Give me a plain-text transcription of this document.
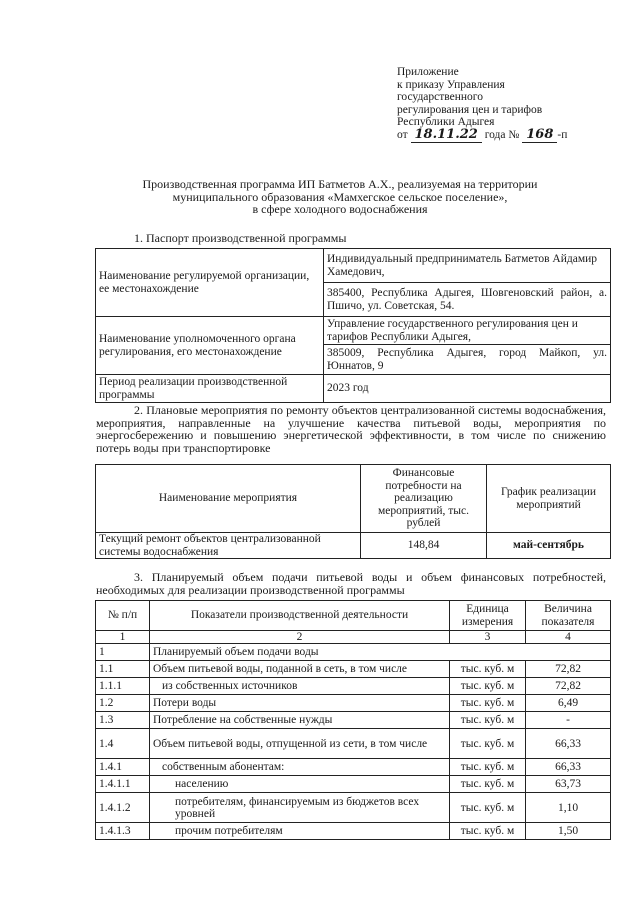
Приложение
к приказу Управления
государственного
регулирования цен и тарифов
Республики Адыгея
от 18.11.22 года № 168 -п
Производственная программа ИП Батметов А.Х., реализуемая на территории
муниципального образования «Мамхегское сельское поселение»,
в сфере холодного водоснабжения
1. Паспорт производственной программы
Наименование регулируемой организации, ее местонахождение	Индивидуальный предприниматель Батметов Айдамир Хамедович,
	385400, Республика Адыгея, Шовгеновский район, а. Пшичо, ул. Советская, 54.
Наименование уполномоченного органа регулирования, его местонахождение	Управление государственного регулирования цен и тарифов Республики Адыгея,
	385009, Республика Адыгея, город Майкоп, ул. Юннатов, 9
Период реализации производственной программы	2023 год
2. Плановые мероприятия по ремонту объектов централизованной системы водоснабжения, мероприятия, направленные на улучшение качества питьевой воды, мероприятия по энергосбережению и повышению энергетической эффективности, в том числе по снижению потерь воды при транспортировке
Наименование мероприятия	Финансовые потребности на реализацию мероприятий, тыс. рублей	График реализации мероприятий
Текущий ремонт объектов централизованной системы водоснабжения	148,84	май-сентябрь
3. Планируемый объем подачи питьевой воды и объем финансовых потребностей, необходимых для реализации производственной программы
№ п/п	Показатели производственной деятельности	Единица измерения	Величина показателя
1	2	3	4
1	Планируемый объем подачи воды		
1.1	Объем питьевой воды, поданной в сеть, в том числе	тыс. куб. м	72,82
1.1.1	из собственных источников	тыс. куб. м	72,82
1.2	Потери воды	тыс. куб. м	6,49
1.3	Потребление на собственные нужды	тыс. куб. м	-
1.4	Объем питьевой воды, отпущенной из сети, в том числе	тыс. куб. м	66,33
1.4.1	собственным абонентам:	тыс. куб. м	66,33
1.4.1.1	населению	тыс. куб. м	63,73
1.4.1.2	потребителям, финансируемым из бюджетов всех уровней	тыс. куб. м	1,10
1.4.1.3	прочим потребителям	тыс. куб. м	1,50
